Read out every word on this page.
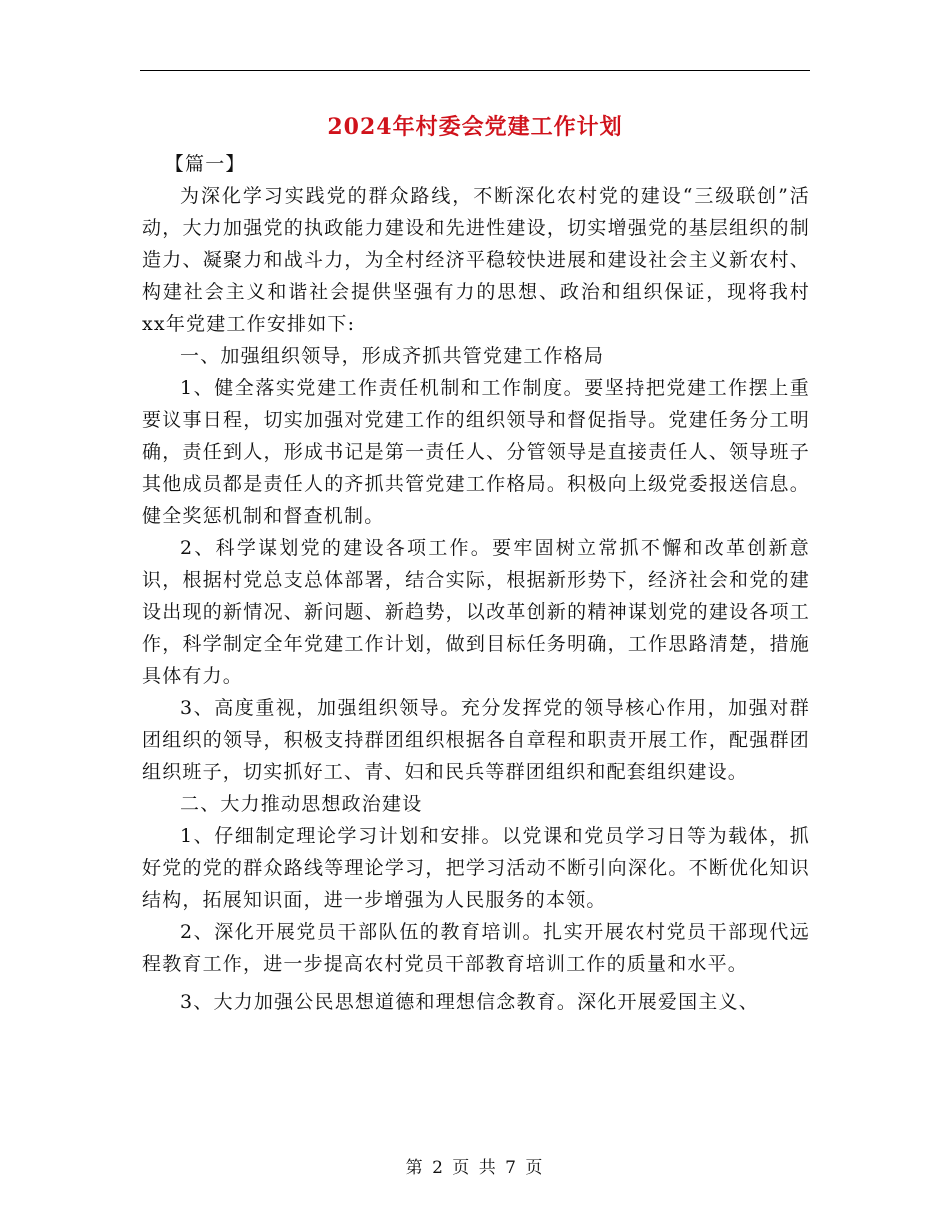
2024年村委会党建工作计划

【篇一】

为深化学习实践党的群众路线，不断深化农村党的建设“三级联创”活动，大力加强党的执政能力建设和先进性建设，切实增强党的基层组织的制造力、凝聚力和战斗力，为全村经济平稳较快进展和建设社会主义新农村、构建社会主义和谐社会提供坚强有力的思想、政治和组织保证，现将我村xx年党建工作安排如下:

一、加强组织领导，形成齐抓共管党建工作格局

1、健全落实党建工作责任机制和工作制度。要坚持把党建工作摆上重要议事日程，切实加强对党建工作的组织领导和督促指导。党建任务分工明确，责任到人，形成书记是第一责任人、分管领导是直接责任人、领导班子其他成员都是责任人的齐抓共管党建工作格局。积极向上级党委报送信息。健全奖惩机制和督查机制。

2、科学谋划党的建设各项工作。要牢固树立常抓不懈和改革创新意识，根据村党总支总体部署，结合实际，根据新形势下，经济社会和党的建设出现的新情况、新问题、新趋势，以改革创新的精神谋划党的建设各项工作，科学制定全年党建工作计划，做到目标任务明确，工作思路清楚，措施具体有力。

3、高度重视，加强组织领导。充分发挥党的领导核心作用，加强对群团组织的领导，积极支持群团组织根据各自章程和职责开展工作，配强群团组织班子，切实抓好工、青、妇和民兵等群团组织和配套组织建设。

二、大力推动思想政治建设

1、仔细制定理论学习计划和安排。以党课和党员学习日等为载体，抓好党的党的群众路线等理论学习，把学习活动不断引向深化。不断优化知识结构，拓展知识面，进一步增强为人民服务的本领。

2、深化开展党员干部队伍的教育培训。扎实开展农村党员干部现代远程教育工作，进一步提高农村党员干部教育培训工作的质量和水平。

3、大力加强公民思想道德和理想信念教育。深化开展爱国主义、

第 2 页 共 7 页
